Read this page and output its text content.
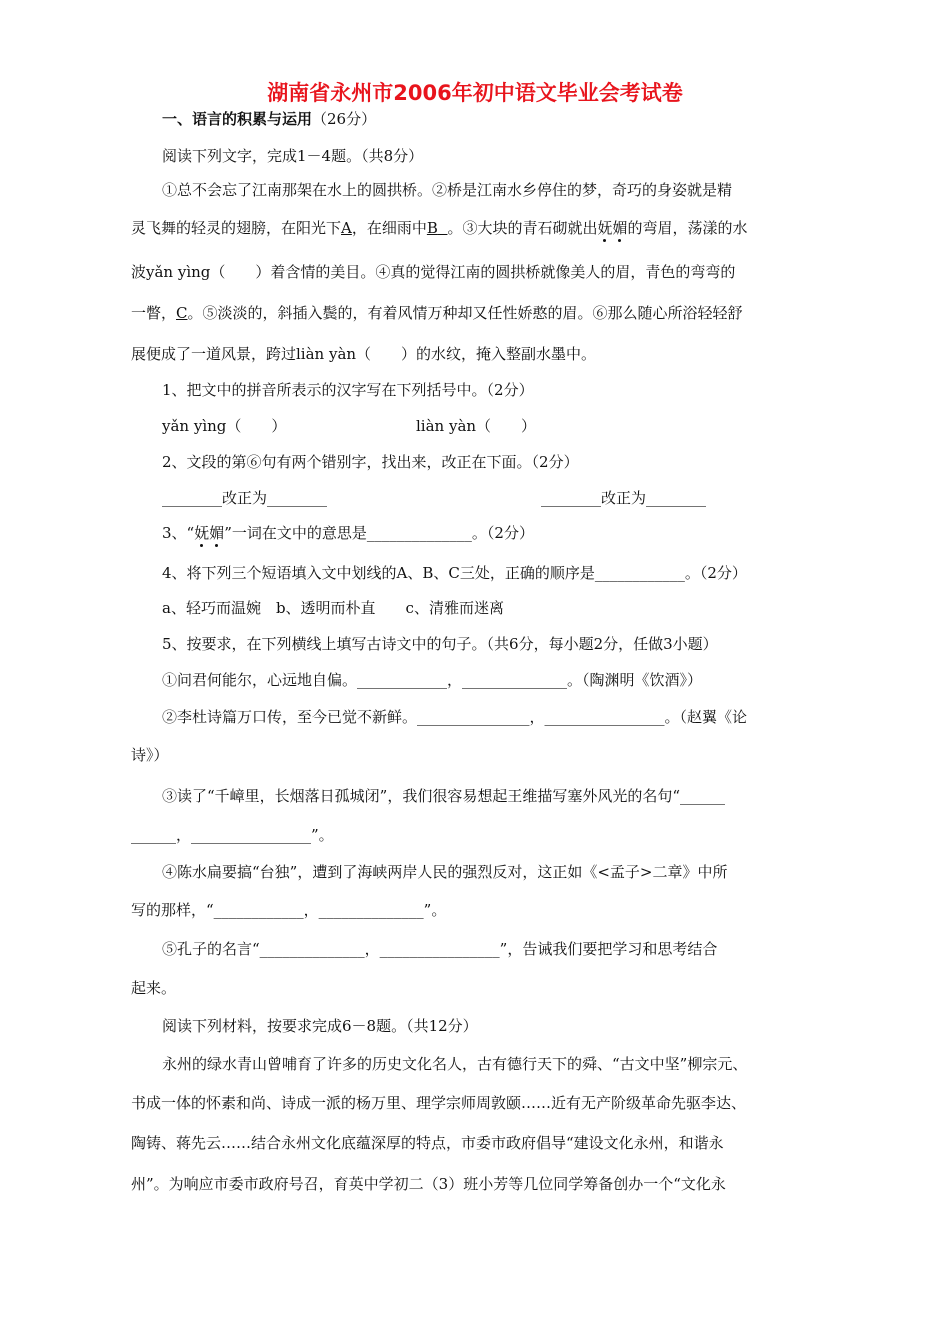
湖南省永州市2006年初中语文毕业会考试卷
一、语言的积累与运用（26分）
阅读下列文字，完成1－4题。（共8分）
①总不会忘了江南那架在水上的圆拱桥。②桥是江南水乡停住的梦，奇巧的身姿就是精
灵飞舞的轻灵的翅膀，在阳光下A，在细雨中B 。③大块的青石砌就出妩媚的弯眉，荡漾的水
波yǎn yìng（　　）着含情的美目。④真的觉得江南的圆拱桥就像美人的眉，青色的弯弯的
一瞥，C。⑤淡淡的，斜插入鬓的，有着风情万种却又任性娇憨的眉。⑥那么随心所浴轻轻舒
展便成了一道风景，跨过liàn yàn（　　）的水纹，掩入整副水墨中。
1、把文中的拼音所表示的汉字写在下列括号中。（2分）
yǎn yìng（　　）	liàn yàn（　　）
2、文段的第⑥句有两个错别字，找出来，改正在下面。（2分）
________改正为________	________改正为________
3、“妩媚”一词在文中的意思是______________。（2分）
4、将下列三个短语填入文中划线的A、B、C三处，正确的顺序是____________。（2分）
a、轻巧而温婉　b、透明而朴直　　c、清雅而迷离
5、按要求，在下列横线上填写古诗文中的句子。（共6分，每小题2分，任做3小题）
①问君何能尔，心远地自偏。____________，______________。（陶渊明《饮酒》）
②李杜诗篇万口传，至今已觉不新鲜。_______________，________________。（赵翼《论
诗》）
③读了“千嶂里，长烟落日孤城闭”，我们很容易想起王维描写塞外风光的名句“______
______，________________”。
④陈水扁要搞“台独”，遭到了海峡两岸人民的强烈反对，这正如《<孟子>二章》中所
写的那样，“____________，______________”。
⑤孔子的名言“______________，________________”，告诫我们要把学习和思考结合
起来。
阅读下列材料，按要求完成6－8题。（共12分）
永州的绿水青山曾哺育了许多的历史文化名人，古有德行天下的舜、“古文中坚”柳宗元、
书成一体的怀素和尚、诗成一派的杨万里、理学宗师周敦颐……近有无产阶级革命先驱李达、
陶铸、蒋先云……结合永州文化底蕴深厚的特点，市委市政府倡导“建设文化永州，和谐永
州”。为响应市委市政府号召，育英中学初二（3）班小芳等几位同学筹备创办一个“文化永
